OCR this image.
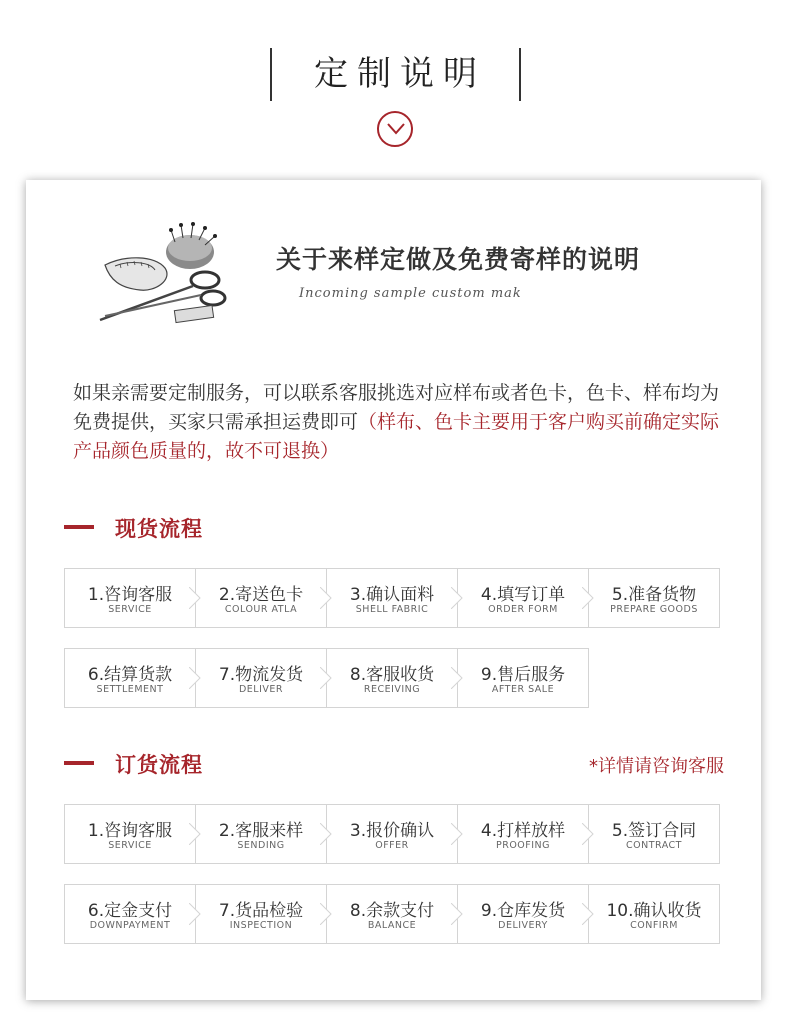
定制说明
关于来样定做及免费寄样的说明
Incoming sample custom mak

如果亲需要定制服务，可以联系客服挑选对应样布或者色卡，色卡、样布均为免费提供，买家只需承担运费即可（样布、色卡主要用于客户购买前确定实际产品颜色质量的，故不可退换）

现货流程
1.咨询客服
SERVICE
2.寄送色卡
COLOUR ATLA
3.确认面料
SHELL FABRIC
4.填写订单
ORDER FORM
5.准备货物
PREPARE GOODS
6.结算货款
SETTLEMENT
7.物流发货
DELIVER
8.客服收货
RECEIVING
9.售后服务
AFTER SALE
订货流程	*详情请咨询客服
1.咨询客服
SERVICE
2.客服来样
SENDING
3.报价确认
OFFER
4.打样放样
PROOFING
5.签订合同
CONTRACT
6.定金支付
DOWNPAYMENT
7.货品检验
INSPECTION
8.余款支付
BALANCE
9.仓库发货
DELIVERY
10.确认收货
CONFIRM
